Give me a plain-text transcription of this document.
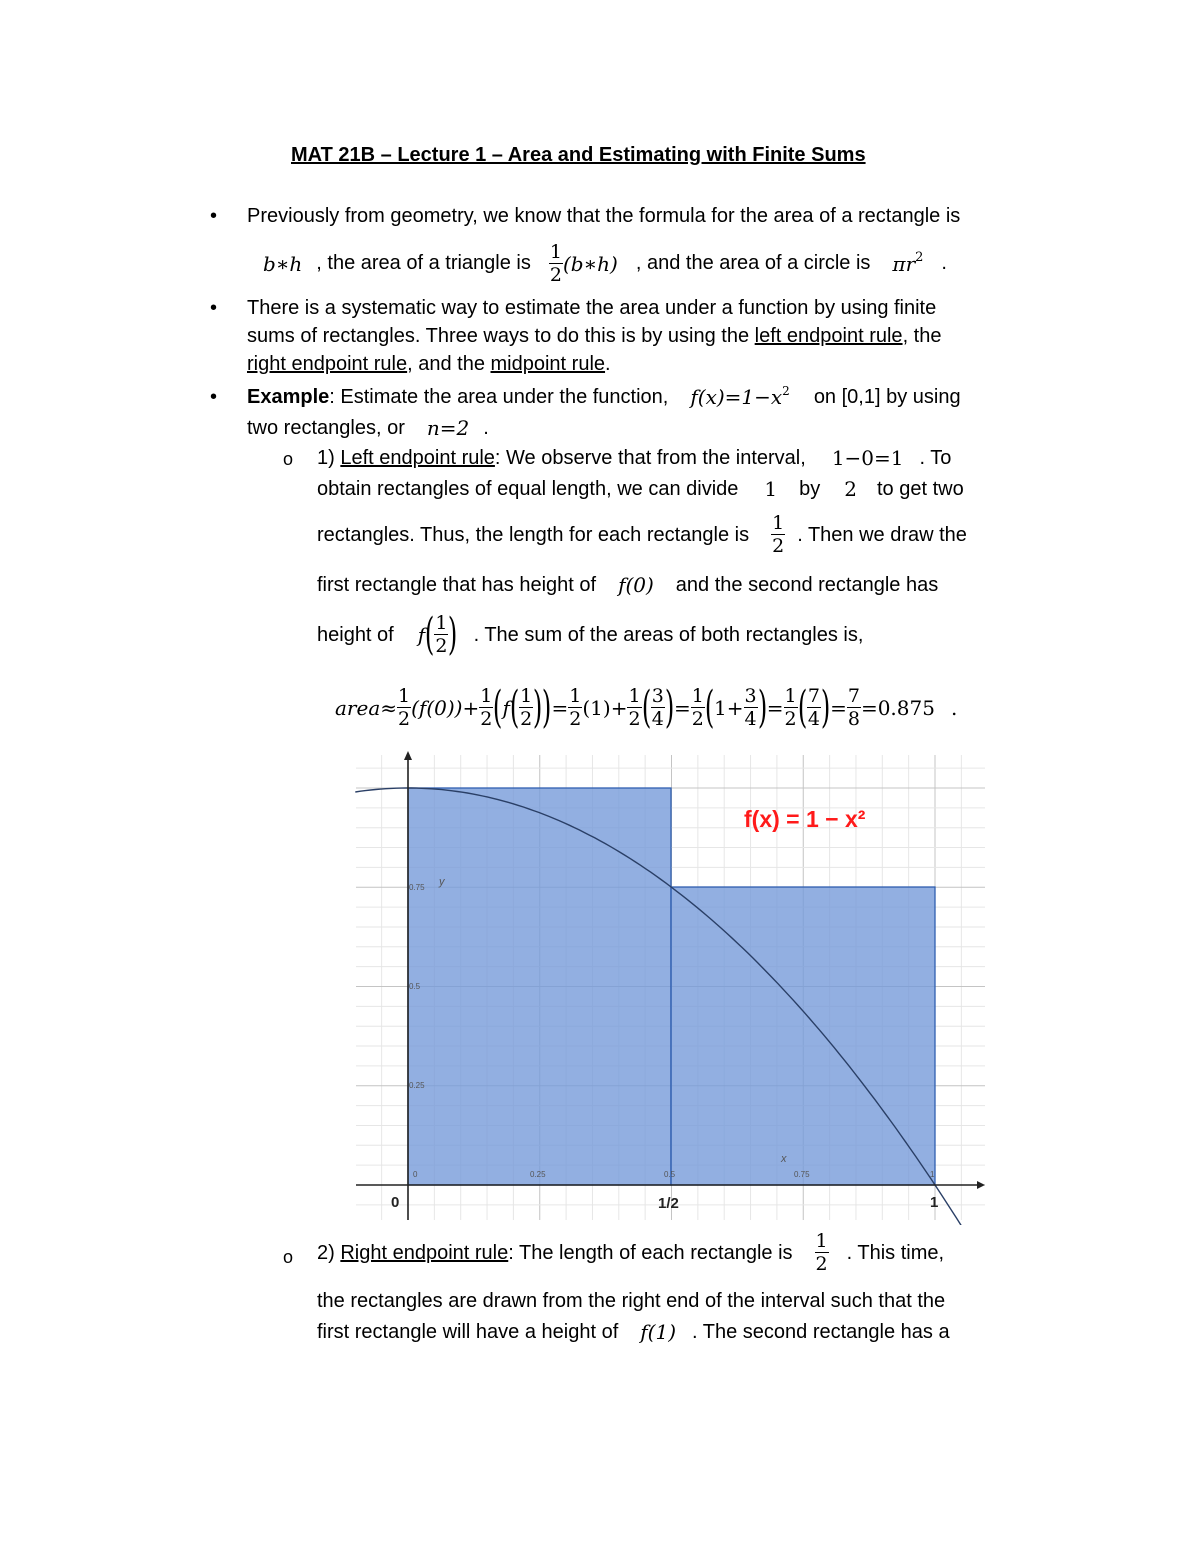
MAT 21B – Lecture 1 – Area and Estimating with Finite Sums
• Previously from geometry, we know that the formula for the area of a rectangle is
b∗h , the area of a triangle is $\frac{1}{2}$ (b∗h) , and the area of a circle is $\pi r^2$ .
• There is a systematic way to estimate the area under a function by using finite
sums of rectangles. Three ways to do this is by using the left endpoint rule, the
right endpoint rule, and the midpoint rule.
• Example : Estimate the area under the function, $f(x)=1-x^2$ on [0,1] by using
two rectangles, or n=2 .
o 1)
Left endpoint rule : We observe that from the interval, 1−0=1 . To
obtain rectangles of equal length, we can divide 1 by 2 to get two
rectangles. Thus, the length for each rectangle is $\frac{1}{2}$ . Then we draw the
first rectangle that has height of f(0) and the second rectangle has
height of f ( $\frac{1}{2}$ ) . The sum of the areas of both rectangles is,
area ≈ $\frac{1}{2} (f(0)) + \frac{1}{2}$ ( f ( $\frac{1}{2}$ ) ) = $\frac{1}{2} (1) + \frac{1}{2}$ ( $\frac{3}{4}$ ) = $\frac{1}{2}$ ( $1+ \frac{3}{4}$ ) = $\frac{1}{2}$ ( $\frac{7}{4}$ ) = $\frac{7}{8} =0.875$ .
f(x) = 1 − x²
y
x
0.75
0.5
0.25
0	0.25	0.5	0.75	1
0	1/2	1
o 2)
Right endpoint rule : The length of each rectangle is $\frac{1}{2}$ . This time,
the rectangles are drawn from the right end of the interval such that the
first rectangle will have a height of f(1) . The second rectangle has a
